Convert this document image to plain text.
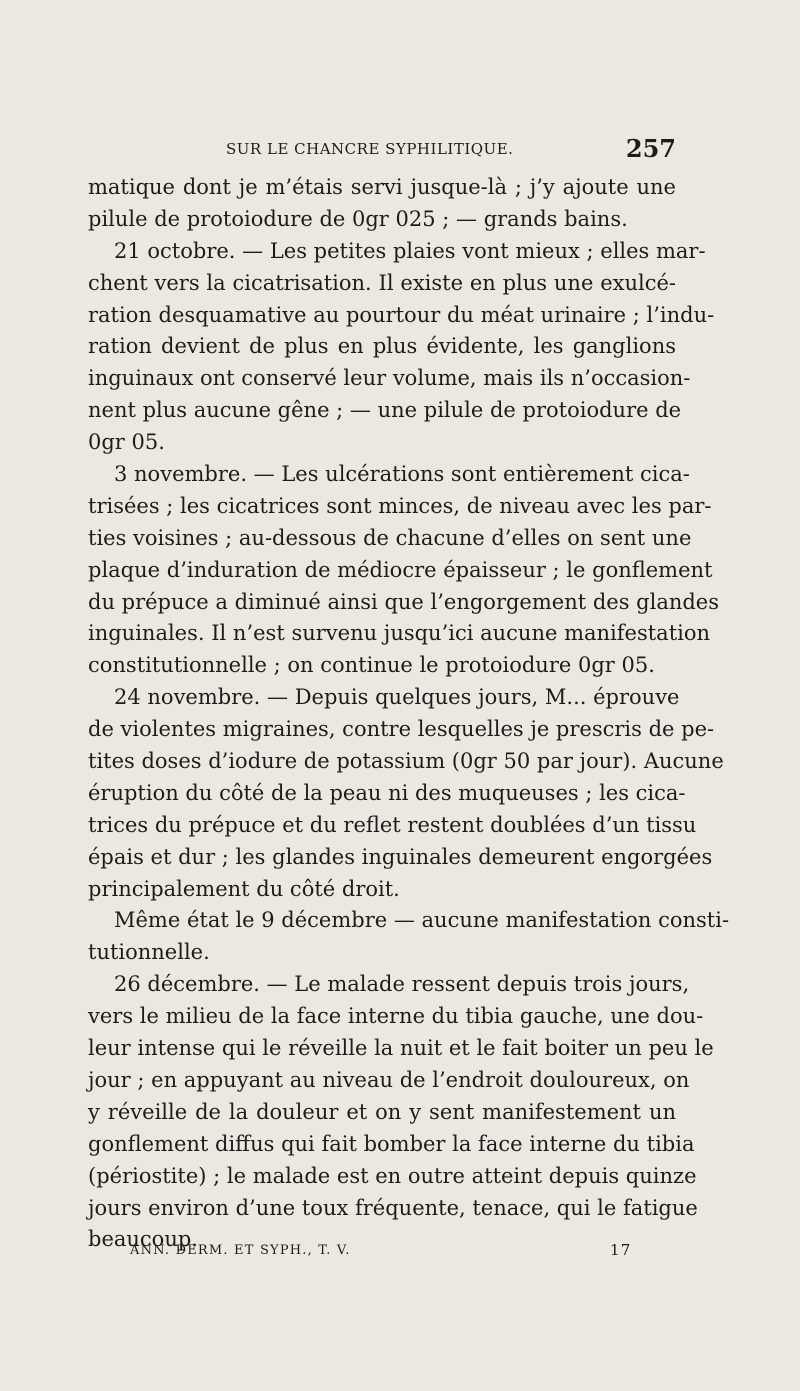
SUR LE CHANCRE SYPHILITIQUE.	257
matique dont je m’étais servi jusque-là ; j’y ajoute une
pilule de protoiodure de 0gr 025 ; — grands bains.
21 octobre. — Les petites plaies vont mieux ; elles mar-
chent vers la cicatrisation. Il existe en plus une exulcé-
ration desquamative au pourtour du méat urinaire ; l’indu-
ration devient de plus en plus évidente, les ganglions
inguinaux ont conservé leur volume, mais ils n’occasion-
nent plus aucune gêne ; — une pilule de protoiodure de
0gr 05.
3 novembre. — Les ulcérations sont entièrement cica-
trisées ; les cicatrices sont minces, de niveau avec les par-
ties voisines ; au-dessous de chacune d’elles on sent une
plaque d’induration de médiocre épaisseur ; le gonflement
du prépuce a diminué ainsi que l’engorgement des glandes
inguinales. Il n’est survenu jusqu’ici aucune manifestation
constitutionnelle ; on continue le protoiodure 0gr 05.
24 novembre. — Depuis quelques jours, M... éprouve
de violentes migraines, contre lesquelles je prescris de pe-
tites doses d’iodure de potassium (0gr 50 par jour). Aucune
éruption du côté de la peau ni des muqueuses ; les cica-
trices du prépuce et du reflet restent doublées d’un tissu
épais et dur ; les glandes inguinales demeurent engorgées
principalement du côté droit.
Même état le 9 décembre — aucune manifestation consti-
tutionnelle.
26 décembre. — Le malade ressent depuis trois jours,
vers le milieu de la face interne du tibia gauche, une dou-
leur intense qui le réveille la nuit et le fait boiter un peu le
jour ; en appuyant au niveau de l’endroit douloureux, on
y réveille de la douleur et on y sent manifestement un
gonflement diffus qui fait bomber la face interne du tibia
(périostite) ; le malade est en outre atteint depuis quinze
jours environ d’une toux fréquente, tenace, qui le fatigue
beaucoup.
ANN. DERM. ET SYPH., T. V.	17
